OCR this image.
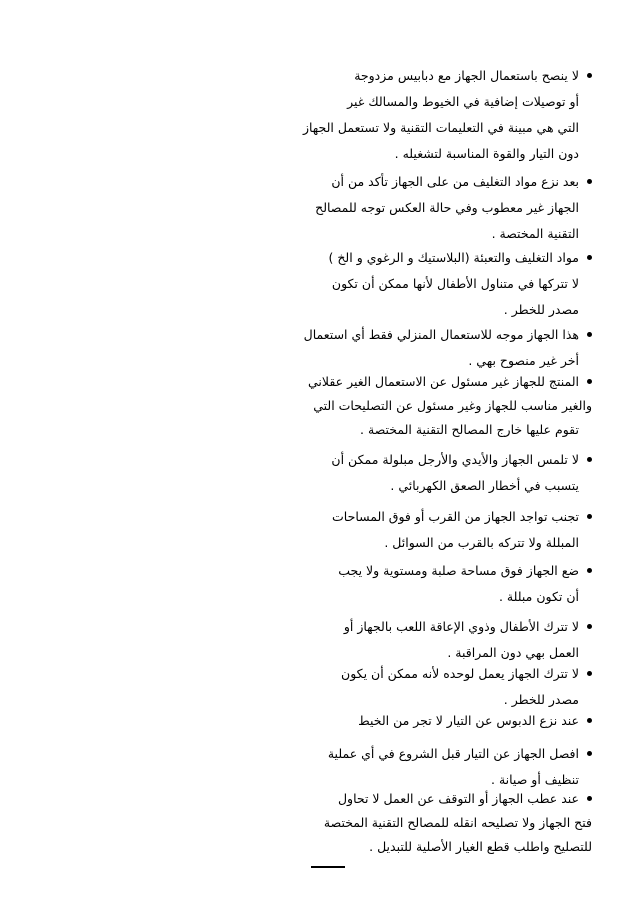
لا ينصح باستعمال الجهاز مع دبابيس مزدوجة
أو توصيلات إضافية في الخيوط والمسالك غير
التي هي مبينة في التعليمات التقنية ولا تستعمل الجهاز
دون التيار والقوة المناسبة لتشغيله .
بعد نزع مواد التغليف من على الجهاز تأكد من أن
الجهاز غير معطوب وفي حالة العكس توجه للمصالح
التقنية المختصة .
مواد التغليف والتعبئة (البلاستيك و الرغوي و الخ )
لا تتركها في متناول الأطفال لأنها ممكن أن تكون
مصدر للخطر .
هذا الجهاز موجه للاستعمال المنزلي فقط أي استعمال
أخر غير منصوح بهي .
المنتج للجهاز غير مسئول عن الاستعمال الغير عقلاني
والغير مناسب للجهاز وغير مسئول عن التصليحات التي
تقوم عليها خارج المصالح التقنية المختصة .
لا تلمس الجهاز والأيدي والأرجل مبلولة ممكن أن
يتسبب في أخطار الصعق الكهربائي .
تجنب تواجد الجهاز من القرب أو فوق المساحات
المبللة ولا تتركه بالقرب من السوائل .
ضع الجهاز فوق مساحة صلبة ومستوية ولا يجب
أن تكون مبللة .
لا تترك الأطفال وذوي الإعاقة اللعب بالجهاز أو
العمل بهي دون المراقبة .
لا تترك الجهاز يعمل لوحده لأنه ممكن أن يكون
مصدر للخطر .
عند نزع الدبوس عن التيار لا تجر من الخيط
افصل الجهاز عن التيار قبل الشروع في أي عملية
تنظيف أو صيانة .
عند عطب الجهاز أو التوقف عن العمل لا تحاول
فتح الجهاز ولا تصليحه انقله للمصالح التقنية المختصة
للتصليح واطلب قطع الغيار الأصلية للتبديل .
